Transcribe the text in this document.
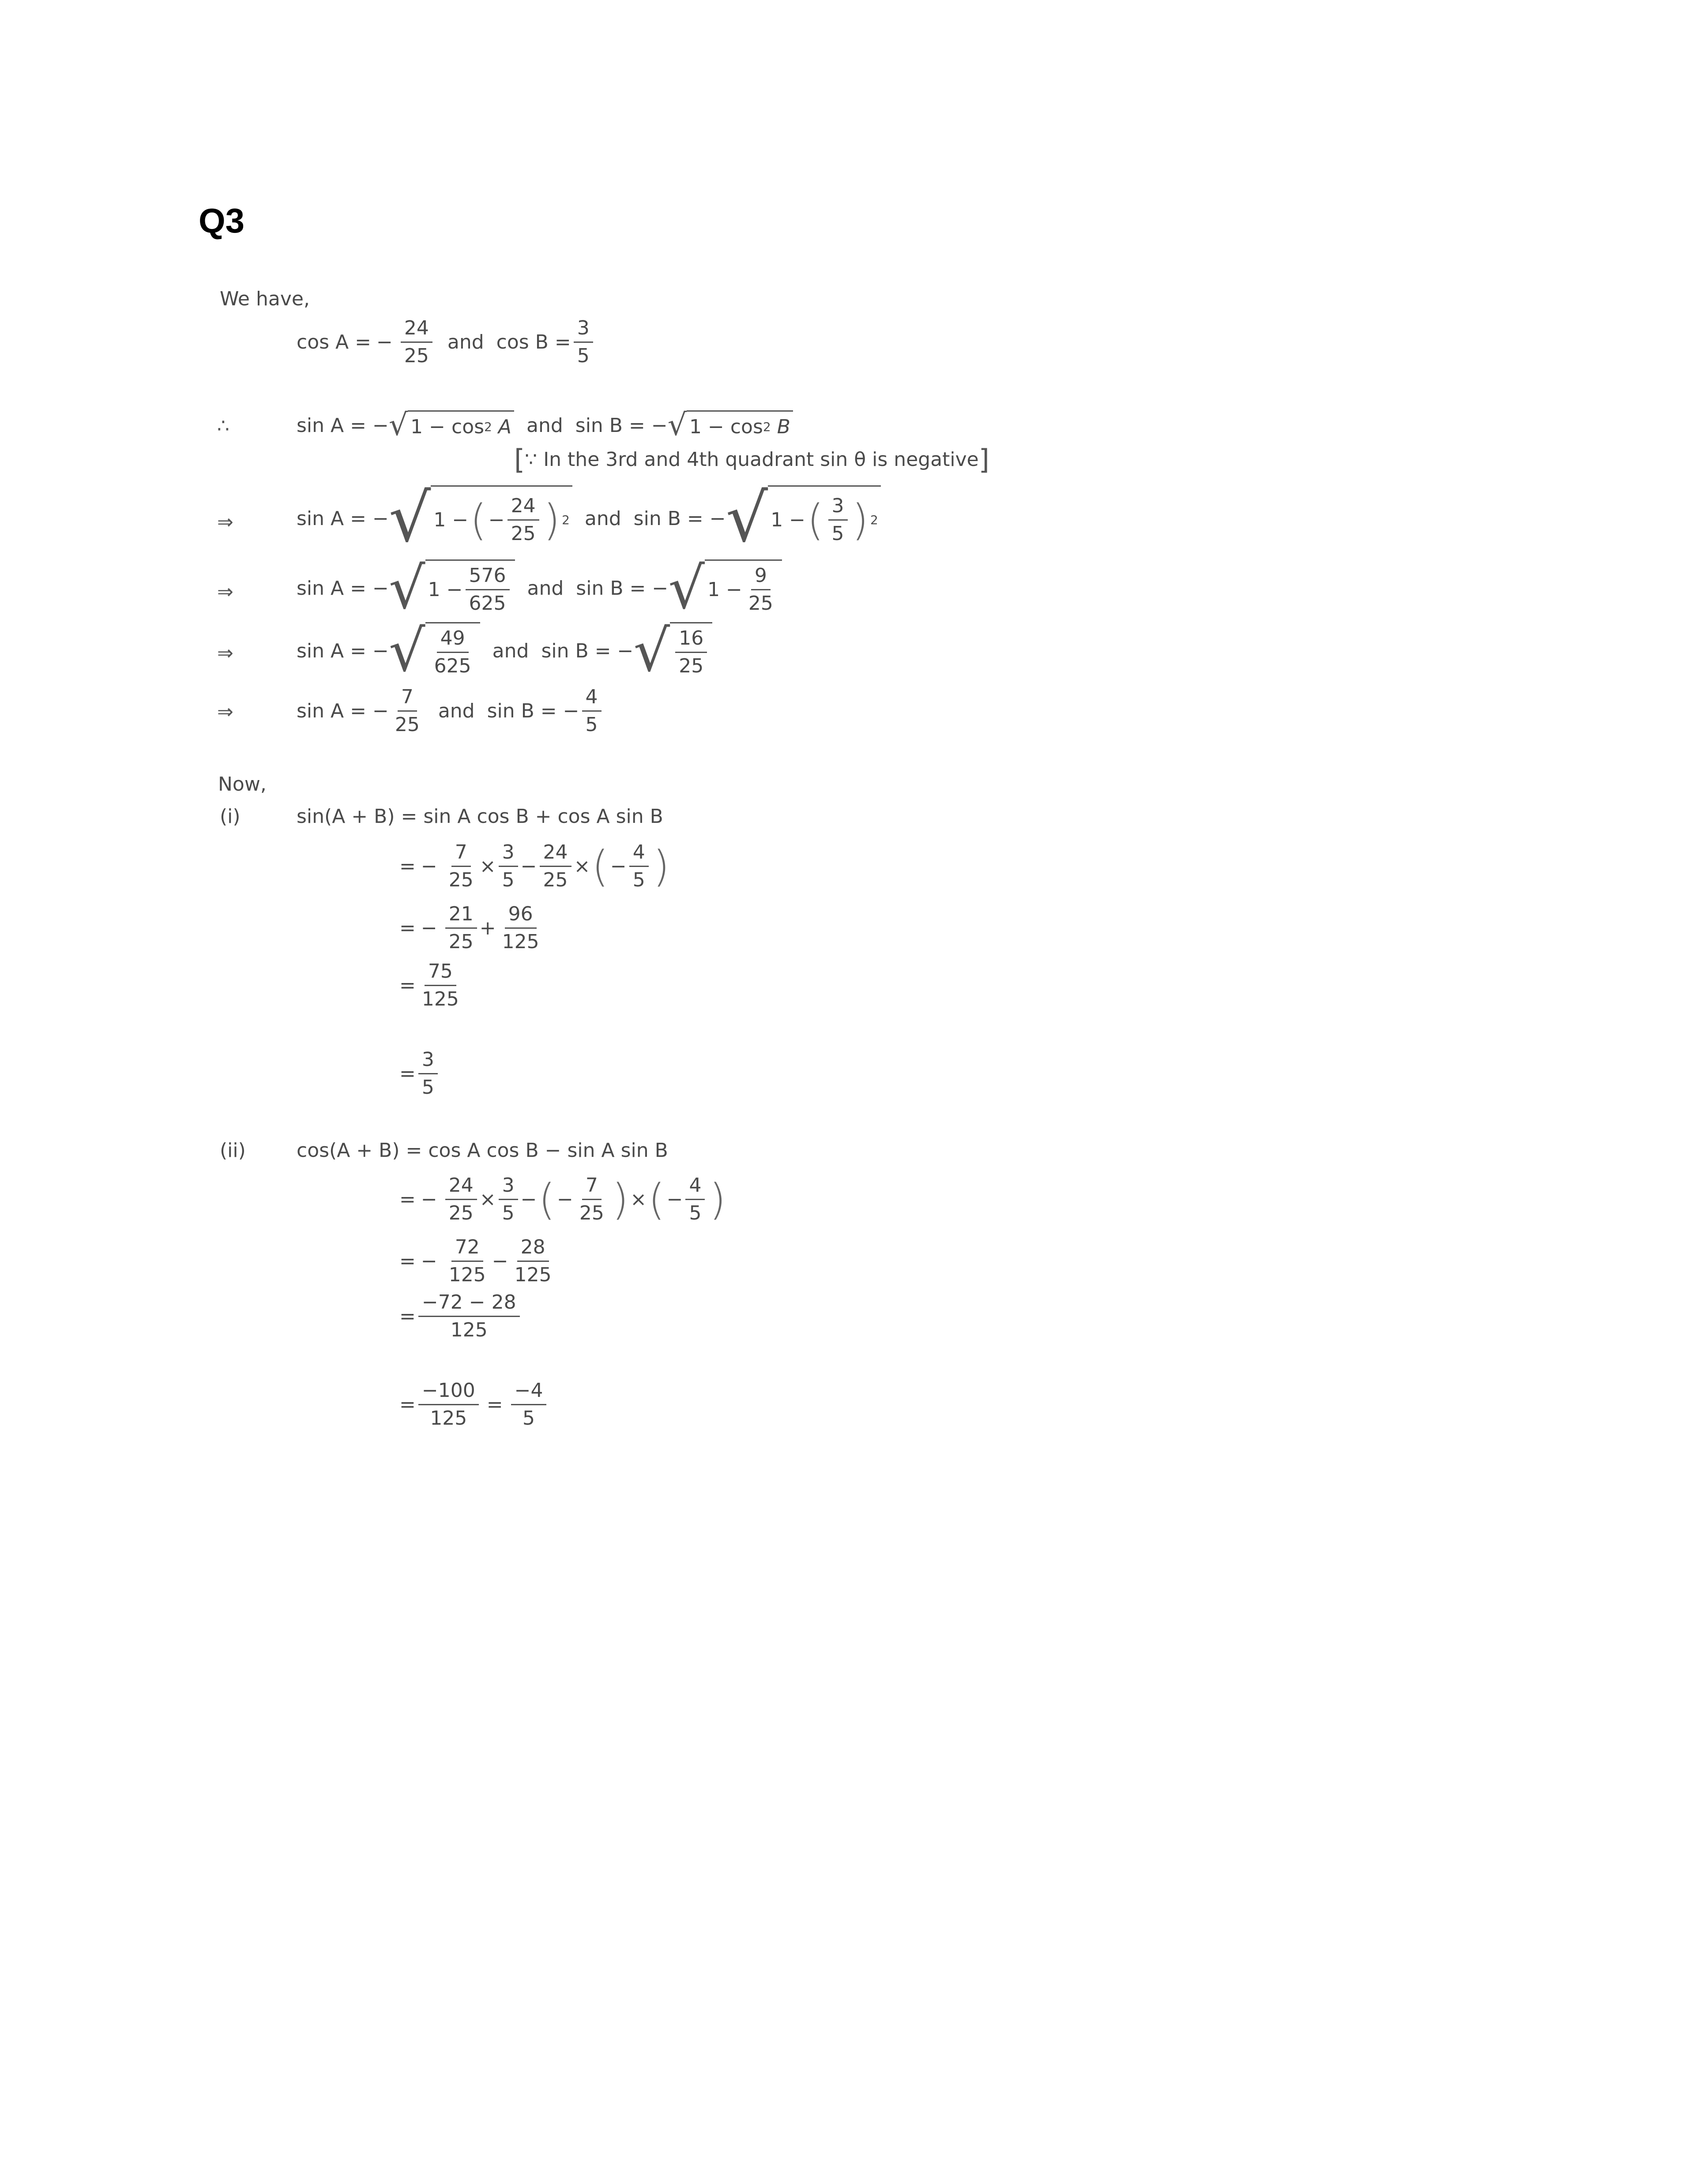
Q3
We have,
cos A = − $\frac{24}{25}$ and $\cos B = \frac{3}{5}$
∴	sin A = − √ 1 − cos 2
A and sin B = − √ 1 − cos 2
B
[ ∵
In the 3rd and 4th quadrant sin θ is negative ]
⇒	sin A = − √ 1 − ( − $\frac{24}{25}$ ) 2 and sin B = − √ 1 − ( $\frac{3}{5}$ ) 2
⇒	sin A = − √ $1 - \frac{576}{625}$ and sin B = − √ $1 - \frac{9}{25}$
⇒	sin A = − √ $\frac{49}{625}$ and sin B = − √ $\frac{16}{25}$
⇒	sin A = − $\frac{7}{25}$ and sin B = − $\frac{4}{5}$
Now,
(i)	sin(A + B) = sin A cos B + cos A sin B
= − $\frac{7}{25} \times \frac{3}{5} - \frac{24}{25}$ × ( − $\frac{4}{5}$ )
= − $\frac{21}{25} + \frac{96}{125}$
= $\frac{75}{125}$
= $\frac{3}{5}$
(ii)	cos(A + B) = cos A cos B − sin A sin B
= − $\frac{24}{25} \times \frac{3}{5}$ − ( − $\frac{7}{25}$ ) × ( − $\frac{4}{5}$ )
= − $\frac{72}{125} - \frac{28}{125}$
= $\frac{-72 - 28}{125}$
= $\frac{-100}{125} = \frac{-4}{5}$
